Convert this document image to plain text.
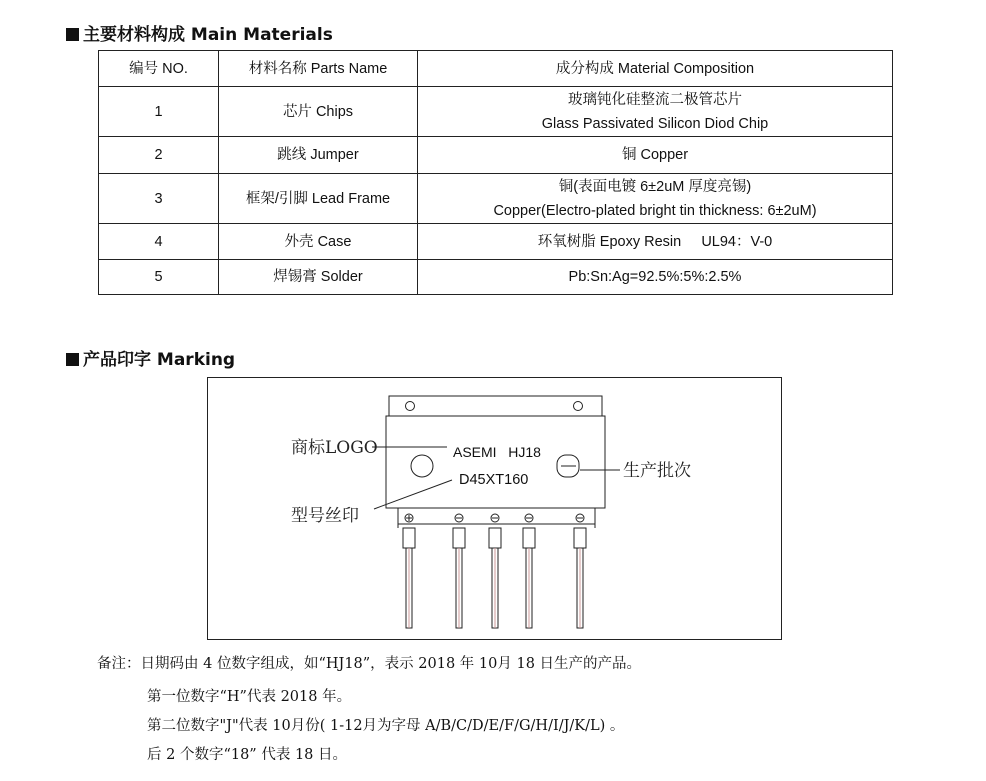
主要材料构成 Main Materials
编号 NO.	材料名称 Parts Name	成分构成 Material Composition
1	芯片 Chips	玻璃钝化硅整流二极管芯片
Glass Passivated Silicon Diod Chip

2	跳线 Jumper	铜 Copper

3	框架/引脚 Lead Frame	铜(表面电镀 6±2uM 厚度亮锡)
Copper(Electro-plated bright tin thickness: 6±2uM)

4	外壳 Case	环氧树脂 Epoxy Resin     UL94：V-0

5	焊锡膏 Solder	Pb:Sn:Ag=92.5%:5%:2.5%
产品印字 Marking
ASEMI   HJ18
D45XT160
商标LOGO
型号丝印
生产批次
备注：日期码由 4 位数字组成，如“HJ18”，表示 2018 年 10月 18 日生产的产品。
第一位数字“H”代表 2018 年。
第二位数字"J"代表 10月份( 1-12月为字母 A/B/C/D/E/F/G/H/I/J/K/L) 。
后 2 个数字“18” 代表 18 日。
